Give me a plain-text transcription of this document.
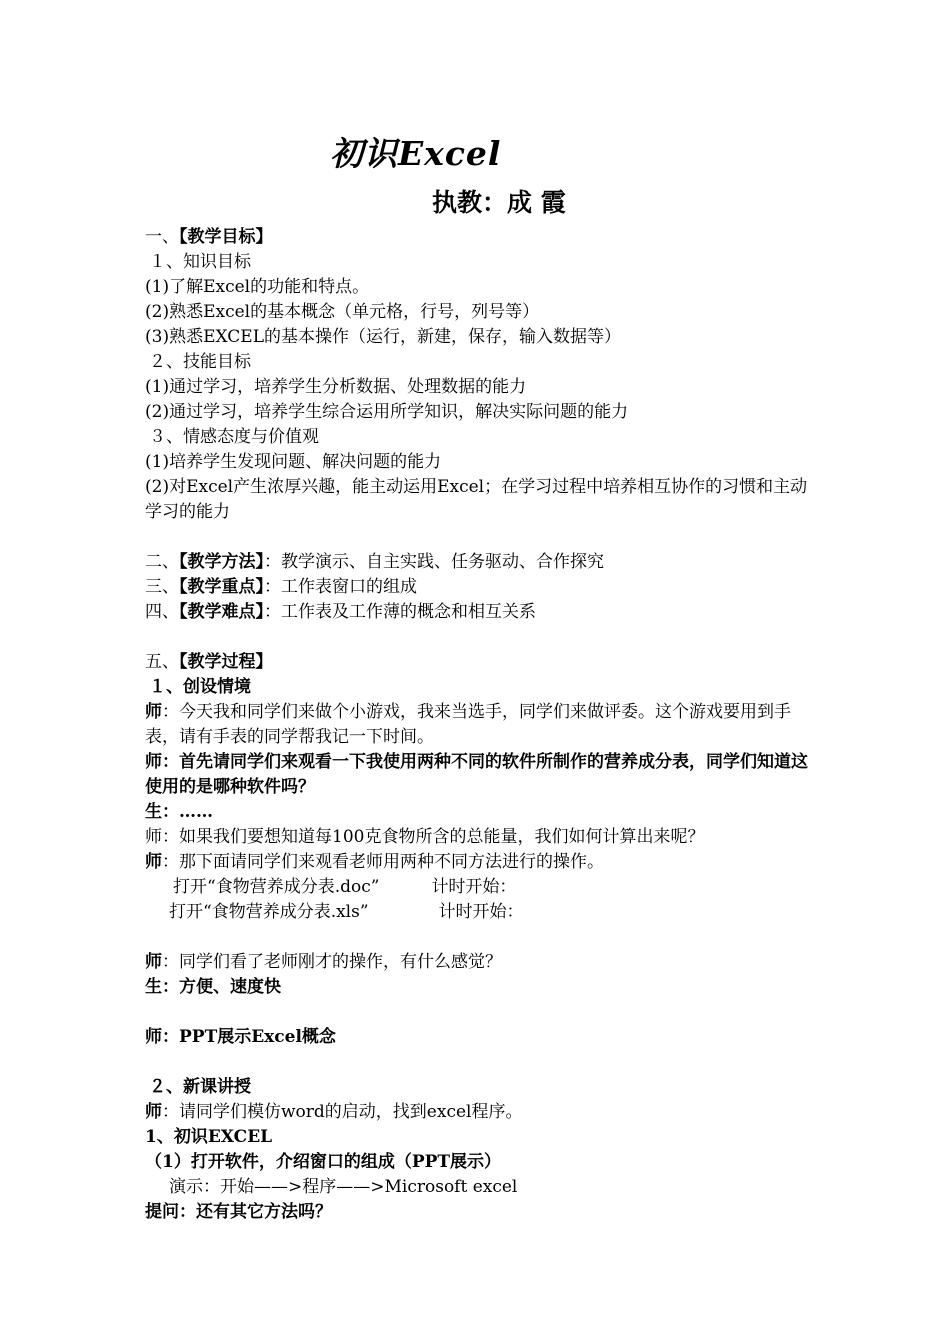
初识Excel
执教：成 霞
一、【教学目标】
１、知识目标
(1)了解Excel的功能和特点。
(2)熟悉Excel的基本概念（单元格，行号，列号等）
(3)熟悉EXCEL的基本操作（运行，新建，保存，输入数据等）
２、技能目标
(1)通过学习，培养学生分析数据、处理数据的能力
(2)通过学习，培养学生综合运用所学知识，解决实际问题的能力
３、情感态度与价值观
(1)培养学生发现问题、解决问题的能力
(2)对Excel产生浓厚兴趣，能主动运用Excel；在学习过程中培养相互协作的习惯和主动学习的能力
二、【教学方法】：教学演示、自主实践、任务驱动、合作探究
三、【教学重点】：工作表窗口的组成
四、【教学难点】：工作表及工作薄的概念和相互关系
五、【教学过程】
１、创设情境
师：今天我和同学们来做个小游戏，我来当选手，同学们来做评委。这个游戏要用到手表，请有手表的同学帮我记一下时间。
师：首先请同学们来观看一下我使用两种不同的软件所制作的营养成分表，同学们知道这使用的是哪种软件吗？
生：……
师：如果我们要想知道每100克食物所含的总能量，我们如何计算出来呢？
师：那下面请同学们来观看老师用两种不同方法进行的操作。
打开“食物营养成分表.doc”	计时开始：
打开“食物营养成分表.xls”	计时开始：
师：同学们看了老师刚才的操作，有什么感觉？
生：方便、速度快
师：PPT展示Excel概念
２、新课讲授
师：请同学们模仿word的启动，找到excel程序。
1、初识EXCEL
（1）打开软件，介绍窗口的组成（PPT展示）
演示：开始——>程序——>Microsoft excel
提问：还有其它方法吗？
